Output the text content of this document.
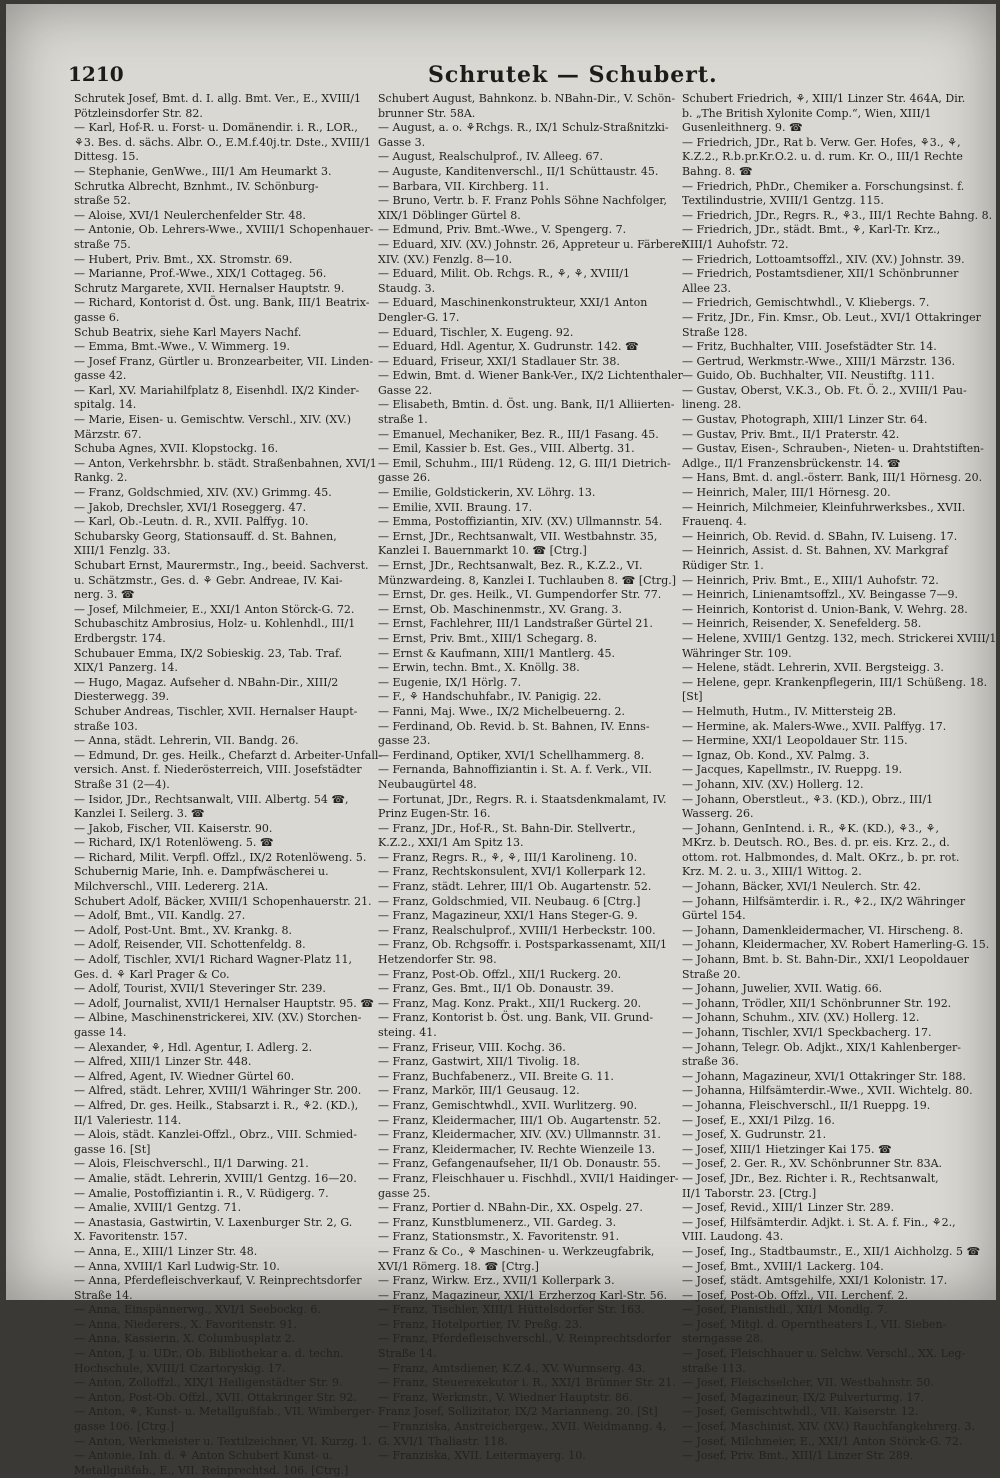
1210	Schrutek — Schubert.

Schrutek Josef, Bmt. d. I. allg. Bmt. Ver., E., XVIII/1

Pötzleinsdorfer Str. 82.

— Karl, Hof-R. u. Forst- u. Domänendir. i. R., LOR.,

⚘3. Bes. d. sächs. Albr. O., E.M.f.40j.tr. Dste., XVIII/1

Dittesg. 15.

— Stephanie, GenWwe., III/1 Am Heumarkt 3.

Schrutka Albrecht, Bznhmt., IV. Schönburg-

straße 52.

— Aloise, XVI/1 Neulerchenfelder Str. 48.

— Antonie, Ob. Lehrers-Wwe., XVIII/1 Schopenhauer-

straße 75.

— Hubert, Priv. Bmt., XX. Stromstr. 69.

— Marianne, Prof.-Wwe., XIX/1 Cottageg. 56.

Schrutz Margarete, XVII. Hernalser Hauptstr. 9.

— Richard, Kontorist d. Öst. ung. Bank, III/1 Beatrix-

gasse 6.

Schub Beatrix, siehe Karl Mayers Nachf.

— Emma, Bmt.-Wwe., V. Wimmerg. 19.

— Josef Franz, Gürtler u. Bronzearbeiter, VII. Linden-

gasse 42.

— Karl, XV. Mariahilfplatz 8, Eisenhdl. IX/2 Kinder-

spitalg. 14.

— Marie, Eisen- u. Gemischtw. Verschl., XIV. (XV.)

Märzstr. 67.

Schuba Agnes, XVII. Klopstockg. 16.

— Anton, Verkehrsbhr. b. städt. Straßenbahnen, XVI/1

Rankg. 2.

— Franz, Goldschmied, XIV. (XV.) Grimmg. 45.

— Jakob, Drechsler, XVI/1 Roseggerg. 47.

— Karl, Ob.-Leutn. d. R., XVII. Palffyg. 10.

Schubarsky Georg, Stationsauff. d. St. Bahnen,

XIII/1 Fenzlg. 33.

Schubart Ernst, Maurermstr., Ing., beeid. Sachverst.

u. Schätzmstr., Ges. d. ⚘ Gebr. Andreae, IV. Kai-

nerg. 3. ☎

— Josef, Milchmeier, E., XXI/1 Anton Störck-G. 72.

Schubaschitz Ambrosius, Holz- u. Kohlenhdl., III/1

Erdbergstr. 174.

Schubauer Emma, IX/2 Sobieskig. 23, Tab. Traf.

XIX/1 Panzerg. 14.

— Hugo, Magaz. Aufseher d. NBahn-Dir., XIII/2

Diesterwegg. 39.

Schuber Andreas, Tischler, XVII. Hernalser Haupt-

straße 103.

— Anna, städt. Lehrerin, VII. Bandg. 26.

— Edmund, Dr. ges. Heilk., Chefarzt d. Arbeiter-Unfall-

versich. Anst. f. Niederösterreich, VIII. Josefstädter

Straße 31 (2—4).

— Isidor, JDr., Rechtsanwalt, VIII. Albertg. 54 ☎,

Kanzlei I. Seilerg. 3. ☎

— Jakob, Fischer, VII. Kaiserstr. 90.

— Richard, IX/1 Rotenlöweng. 5. ☎

— Richard, Milit. Verpfl. Offzl., IX/2 Rotenlöweng. 5.

Schubernig Marie, Inh. e. Dampfwäscherei u.

Milchverschl., VIII. Ledererg. 21A.

Schubert Adolf, Bäcker, XVIII/1 Schopenhauerstr. 21.

— Adolf, Bmt., VII. Kandlg. 27.

— Adolf, Post-Unt. Bmt., XV. Krankg. 8.

— Adolf, Reisender, VII. Schottenfeldg. 8.

— Adolf, Tischler, XVI/1 Richard Wagner-Platz 11,

Ges. d. ⚘ Karl Prager & Co.

— Adolf, Tourist, XVII/1 Steveringer Str. 239.

— Adolf, Journalist, XVII/1 Hernalser Hauptstr. 95. ☎

— Albine, Maschinenstrickerei, XIV. (XV.) Storchen-

gasse 14.

— Alexander, ⚘, Hdl. Agentur, I. Adlerg. 2.

— Alfred, XIII/1 Linzer Str. 448.

— Alfred, Agent, IV. Wiedner Gürtel 60.

— Alfred, städt. Lehrer, XVIII/1 Währinger Str. 200.

— Alfred, Dr. ges. Heilk., Stabsarzt i. R., ⚘2. (KD.),

II/1 Valeriestr. 114.

— Alois, städt. Kanzlei-Offzl., Obrz., VIII. Schmied-

gasse 16. [St]

— Alois, Fleischverschl., II/1 Darwing. 21.

— Amalie, städt. Lehrerin, XVIII/1 Gentzg. 16—20.

— Amalie, Postoffiziantin i. R., V. Rüdigerg. 7.

— Amalie, XVIII/1 Gentzg. 71.

— Anastasia, Gastwirtin, V. Laxenburger Str. 2, G.

X. Favoritenstr. 157.

— Anna, E., XIII/1 Linzer Str. 48.

— Anna, XVIII/1 Karl Ludwig-Str. 10.

— Anna, Pferdefleischverkauf, V. Reinprechtsdorfer

Straße 14.

— Anna, Einspännerwg., XVI/1 Seebockg. 6.

— Anna, Niederers., X. Favoritenstr. 91.

— Anna, Kassierin, X. Columbusplatz 2.

— Anton, J. u. UDr., Ob. Bibliothekar a. d. techn.

Hochschule, XVIII/1 Czartoryskig. 17.

— Anton, Zolloffzl., XIX/1 Heiligenstädter Str. 9.

— Anton, Post-Ob. Offzl., XVII. Ottakringer Str. 92.

— Anton, ⚘, Kunst- u. Metallgußfab., VII. Wimberger-

gasse 106. [Ctrg.]

— Anton, Werkmeister u. Textilzeichner, VI. Kurzg. 1.

— Antonie, Inh. d. ⚘ Anton Schubert Kunst- u.

Metallgußfab., E., VII. Reinprechtsd. 106. [Ctrg.]

Schubert August, Bahnkonz. b. NBahn-Dir., V. Schön-

brunner Str. 58A.

— August, a. o. ⚘Rchgs. R., IX/1 Schulz-Straßnitzki-

Gasse 3.

— August, Realschulprof., IV. Alleeg. 67.

— Auguste, Kanditenverschl., II/1 Schüttaustr. 45.

— Barbara, VII. Kirchberg. 11.

— Bruno, Vertr. b. F. Franz Pohls Söhne Nachfolger,

XIX/1 Döblinger Gürtel 8.

— Edmund, Priv. Bmt.-Wwe., V. Spengerg. 7.

— Eduard, XIV. (XV.) Johnstr. 26, Appreteur u. Färberei

XIV. (XV.) Fenzlg. 8—10.

— Eduard, Milit. Ob. Rchgs. R., ⚘, ⚘, XVIII/1

Staudg. 3.

— Eduard, Maschinenkonstrukteur, XXI/1 Anton

Dengler-G. 17.

— Eduard, Tischler, X. Eugeng. 92.

— Eduard, Hdl. Agentur, X. Gudrunstr. 142. ☎

— Eduard, Friseur, XXI/1 Stadlauer Str. 38.

— Edwin, Bmt. d. Wiener Bank-Ver., IX/2 Lichtenthaler

Gasse 22.

— Elisabeth, Bmtin. d. Öst. ung. Bank, II/1 Alliierten-

straße 1.

— Emanuel, Mechaniker, Bez. R., III/1 Fasang. 45.

— Emil, Kassier b. Est. Ges., VIII. Albertg. 31.

— Emil, Schuhm., III/1 Rüdeng. 12, G. III/1 Dietrich-

gasse 26.

— Emilie, Goldstickerin, XV. Löhrg. 13.

— Emilie, XVII. Braung. 17.

— Emma, Postoffiziantin, XIV. (XV.) Ullmannstr. 54.

— Ernst, JDr., Rechtsanwalt, VII. Westbahnstr. 35,

Kanzlei I. Bauernmarkt 10. ☎ [Ctrg.]

— Ernst, JDr., Rechtsanwalt, Bez. R., K.Z.2., VI.

Münzwardeing. 8, Kanzlei I. Tuchlauben 8. ☎ [Ctrg.]

— Ernst, Dr. ges. Heilk., VI. Gumpendorfer Str. 77.

— Ernst, Ob. Maschinenmstr., XV. Grang. 3.

— Ernst, Fachlehrer, III/1 Landstraßer Gürtel 21.

— Ernst, Priv. Bmt., XIII/1 Schegarg. 8.

— Ernst & Kaufmann, XIII/1 Mantlerg. 45.

— Erwin, techn. Bmt., X. Knöllg. 38.

— Eugenie, IX/1 Hörlg. 7.

— F., ⚘ Handschuhfabr., IV. Panigig. 22.

— Fanni, Maj. Wwe., IX/2 Michelbeuerng. 2.

— Ferdinand, Ob. Revid. b. St. Bahnen, IV. Enns-

gasse 23.

— Ferdinand, Optiker, XVI/1 Schellhammerg. 8.

— Fernanda, Bahnoffiziantin i. St. A. f. Verk., VII.

Neubaugürtel 48.

— Fortunat, JDr., Regrs. R. i. Staatsdenkmalamt, IV.

Prinz Eugen-Str. 16.

— Franz, JDr., Hof-R., St. Bahn-Dir. Stellvertr.,

K.Z.2., XXI/1 Am Spitz 13.

— Franz, Regrs. R., ⚘, ⚘, III/1 Karolineng. 10.

— Franz, Rechtskonsulent, XVI/1 Kollerpark 12.

— Franz, städt. Lehrer, III/1 Ob. Augartenstr. 52.

— Franz, Goldschmied, VII. Neubaug. 6 [Ctrg.]

— Franz, Magazineur, XXI/1 Hans Steger-G. 9.

— Franz, Realschulprof., XVIII/1 Herbeckstr. 100.

— Franz, Ob. Rchgsoffr. i. Postsparkassenamt, XII/1

Hetzendorfer Str. 98.

— Franz, Post-Ob. Offzl., XII/1 Ruckerg. 20.

— Franz, Ges. Bmt., II/1 Ob. Donaustr. 39.

— Franz, Mag. Konz. Prakt., XII/1 Ruckerg. 20.

— Franz, Kontorist b. Öst. ung. Bank, VII. Grund-

steing. 41.

— Franz, Friseur, VIII. Kochg. 36.

— Franz, Gastwirt, XII/1 Tivolig. 18.

— Franz, Buchfabenerz., VII. Breite G. 11.

— Franz, Markör, III/1 Geusaug. 12.

— Franz, Gemischtwhdl., XVII. Wurlitzerg. 90.

— Franz, Kleidermacher, III/1 Ob. Augartenstr. 52.

— Franz, Kleidermacher, XIV. (XV.) Ullmannstr. 31.

— Franz, Kleidermacher, IV. Rechte Wienzeile 13.

— Franz, Gefangenaufseher, II/1 Ob. Donaustr. 55.

— Franz, Fleischhauer u. Fischhdl., XVII/1 Haidinger-

gasse 25.

— Franz, Portier d. NBahn-Dir., XX. Ospelg. 27.

— Franz, Kunstblumenerz., VII. Gardeg. 3.

— Franz, Stationsmstr., X. Favoritenstr. 91.

— Franz & Co., ⚘ Maschinen- u. Werkzeugfabrik,

XVI/1 Römerg. 18. ☎ [Ctrg.]

— Franz, Wirkw. Erz., XVII/1 Kollerpark 3.

— Franz, Magazineur, XXI/1 Erzherzog Karl-Str. 56.

— Franz, Tischler, XIII/1 Hüttelsdorfer Str. 163.

— Franz, Hotelportier, IV. Preßg. 23.

— Franz, Pferdefleischverschl., V. Reinprechtsdorfer

Straße 14.

— Franz, Amtsdiener, K.Z.4., XV. Wurmserg. 43.

— Franz, Steuerexekutor i. R., XXI/1 Brünner Str. 21.

— Franz, Werkmstr., V. Wiedner Hauptstr. 86.

Franz Josef, Sollizitator, IX/2 Marianneng. 20. [St]

— Franziska, Anstreichergew., XVII. Weidmanng. 4,

G. XVI/1 Thaliastr. 118.

— Franziska, XVII. Leitermayerg. 10.

Schubert Friedrich, ⚘, XIII/1 Linzer Str. 464A, Dir.

b. „The British Xylonite Comp.“, Wien, XIII/1

Gusenleithnerg. 9. ☎

— Friedrich, JDr., Rat b. Verw. Ger. Hofes, ⚘3., ⚘,

K.Z.2., R.b.pr.Kr.O.2. u. d. rum. Kr. O., III/1 Rechte

Bahng. 8. ☎

— Friedrich, PhDr., Chemiker a. Forschungsinst. f.

Textilindustrie, XVIII/1 Gentzg. 115.

— Friedrich, JDr., Regrs. R., ⚘3., III/1 Rechte Bahng. 8.

— Friedrich, JDr., städt. Bmt., ⚘, Karl-Tr. Krz.,

XIII/1 Auhofstr. 72.

— Friedrich, Lottoamtsoffzl., XIV. (XV.) Johnstr. 39.

— Friedrich, Postamtsdiener, XII/1 Schönbrunner

Allee 23.

— Friedrich, Gemischtwhdl., V. Kliebergs. 7.

— Fritz, JDr., Fin. Kmsr., Ob. Leut., XVI/1 Ottakringer

Straße 128.

— Fritz, Buchhalter, VIII. Josefstädter Str. 14.

— Gertrud, Werkmstr.-Wwe., XIII/1 Märzstr. 136.

— Guido, Ob. Buchhalter, VII. Neustiftg. 111.

— Gustav, Oberst, V.K.3., Ob. Ft. Ö. 2., XVIII/1 Pau-

lineng. 28.

— Gustav, Photograph, XIII/1 Linzer Str. 64.

— Gustav, Priv. Bmt., II/1 Praterstr. 42.

— Gustav, Eisen-, Schrauben-, Nieten- u. Drahtstiften-

Adlge., II/1 Franzensbrückenstr. 14. ☎

— Hans, Bmt. d. angl.-österr. Bank, III/1 Hörnesg. 20.

— Heinrich, Maler, III/1 Hörnesg. 20.

— Heinrich, Milchmeier, Kleinfuhrwerksbes., XVII.

Frauenq. 4.

— Heinrich, Ob. Revid. d. SBahn, IV. Luiseng. 17.

— Heinrich, Assist. d. St. Bahnen, XV. Markgraf

Rüdiger Str. 1.

— Heinrich, Priv. Bmt., E., XIII/1 Auhofstr. 72.

— Heinrich, Linienamtsoffzl., XV. Beingasse 7—9.

— Heinrich, Kontorist d. Union-Bank, V. Wehrg. 28.

— Heinrich, Reisender, X. Senefelderg. 58.

— Helene, XVIII/1 Gentzg. 132, mech. Strickerei XVIII/1

Währinger Str. 109.

— Helene, städt. Lehrerin, XVII. Bergsteigg. 3.

— Helene, gepr. Krankenpflegerin, III/1 Schüßeng. 18.

[St]

— Helmuth, Hutm., IV. Mittersteig 2B.

— Hermine, ak. Malers-Wwe., XVII. Palffyg. 17.

— Hermine, XXI/1 Leopoldauer Str. 115.

— Ignaz, Ob. Kond., XV. Palmg. 3.

— Jacques, Kapellmstr., IV. Rueppg. 19.

— Johann, XIV. (XV.) Hollerg. 12.

— Johann, Oberstleut., ⚘3. (KD.), Obrz., III/1

Wasserg. 26.

— Johann, GenIntend. i. R., ⚘K. (KD.), ⚘3., ⚘,

MKrz. b. Deutsch. RO., Bes. d. pr. eis. Krz. 2., d.

ottom. rot. Halbmondes, d. Malt. OKrz., b. pr. rot.

Krz. M. 2. u. 3., XIII/1 Wittog. 2.

— Johann, Bäcker, XVI/1 Neulerch. Str. 42.

— Johann, Hilfsämterdir. i. R., ⚘2., IX/2 Währinger

Gürtel 154.

— Johann, Damenkleidermacher, VI. Hirscheng. 8.

— Johann, Kleidermacher, XV. Robert Hamerling-G. 15.

— Johann, Bmt. b. St. Bahn-Dir., XXI/1 Leopoldauer

Straße 20.

— Johann, Juwelier, XVII. Watig. 66.

— Johann, Trödler, XII/1 Schönbrunner Str. 192.

— Johann, Schuhm., XIV. (XV.) Hollerg. 12.

— Johann, Tischler, XVI/1 Speckbacherg. 17.

— Johann, Telegr. Ob. Adjkt., XIX/1 Kahlenberger-

straße 36.

— Johann, Magazineur, XVI/1 Ottakringer Str. 188.

— Johanna, Hilfsämterdir.-Wwe., XVII. Wichtelg. 80.

— Johanna, Fleischverschl., II/1 Rueppg. 19.

— Josef, E., XXI/1 Pilzg. 16.

— Josef, X. Gudrunstr. 21.

— Josef, XIII/1 Hietzinger Kai 175. ☎

— Josef, 2. Ger. R., XV. Schönbrunner Str. 83A.

— Josef, JDr., Bez. Richter i. R., Rechtsanwalt,

II/1 Taborstr. 23. [Ctrg.]

— Josef, Revid., XIII/1 Linzer Str. 289.

— Josef, Hilfsämterdir. Adjkt. i. St. A. f. Fin., ⚘2.,

VIII. Laudong. 43.

— Josef, Ing., Stadtbaumstr., E., XII/1 Aichholzg. 5 ☎

— Josef, Bmt., XVIII/1 Lackerg. 104.

— Josef, städt. Amtsgehilfe, XXI/1 Kolonistr. 17.

— Josef, Post-Ob. Offzl., VII. Lerchenf. 2.

— Josef, Pianisthdl., XII/1 Mondlg. 7.

— Josef, Mitgl. d. Operntheaters I., VII. Sieben-

sterngasse 28.

— Josef, Fleischhauer u. Selchw. Verschl., XX. Leg-

straße 113.

— Josef, Fleischselcher, VII. Westbahnstr. 50.

— Josef, Magazineur, IX/2 Pulverturmg. 17.

— Josef, Gemischtwhdl., VII. Kaiserstr. 12.

— Josef, Maschinist, XIV. (XV.) Rauchfangkehrerg. 3.

— Josef, Milchmeier, E., XXI/1 Anton Störck-G. 72.

— Josef, Priv. Bmt., XIII/1 Linzer Str. 289.
